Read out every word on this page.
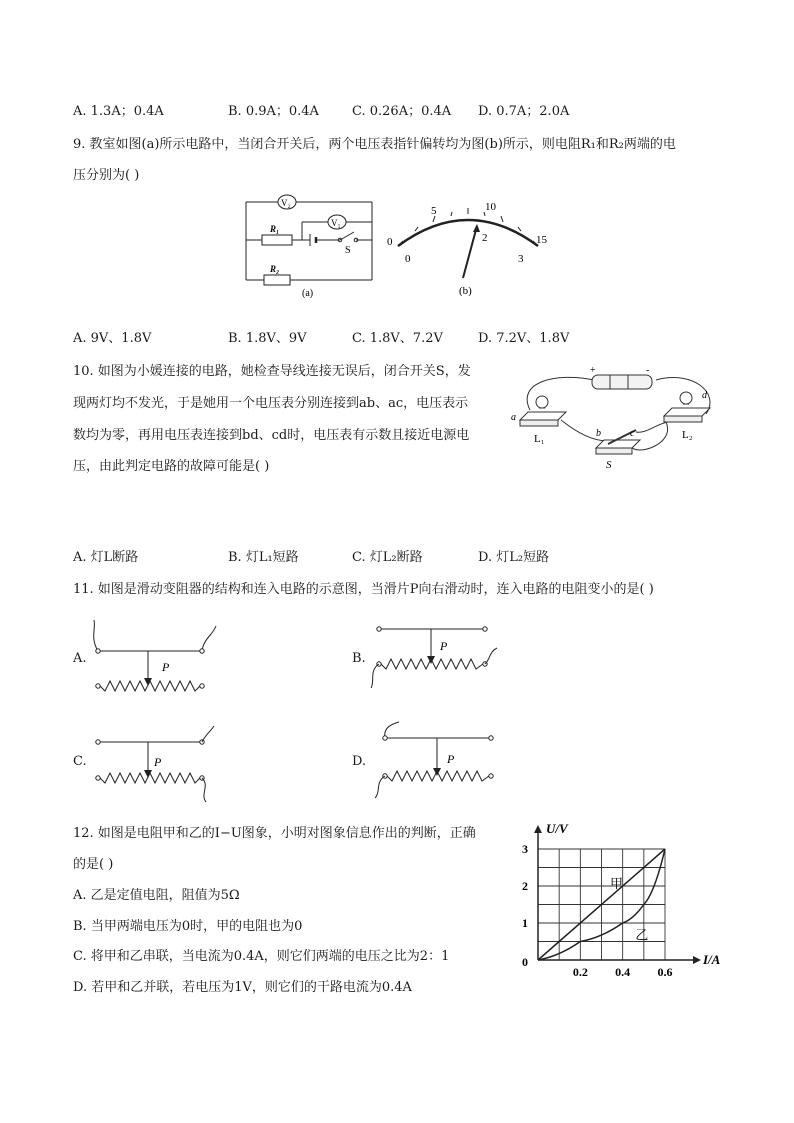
A. 1.3A；0.4A	B. 0.9A；0.4A	C. 0.26A；0.4A D. 0.7A；2.0A
9. 教室如图(a)所示电路中，当闭合开关后，两个电压表指针偏转均为图(b)所示，则电阻R₁和R₂两端的电
压分别为( )
V₂
V₁
R₁
R₂
S
(a)
0
5	10
15
0
2
3
(b)
A. 9V、1.8V	B. 1.8V、9V	C. 1.8V、7.2V	D. 7.2V、1.8V
10. 如图为小媛连接的电路，她检查导线连接无误后，闭合开关S，发
现两灯均不发光，于是她用一个电压表分别连接到ab、ac，电压表示
数均为零，再用电压表连接到bd、cd时，电压表有示数且接近电源电
压，由此判定电路的故障可能是( )
+	-
a
b	c
d
L₁	L₂
S
A. 灯L断路	B. 灯L₁短路	C. 灯L₂断路	D. 灯L₂短路
11. 如图是滑动变阻器的结构和连入电路的示意图，当滑片P向右滑动时，连入电路的电阻变小的是( )
A.	B.
C.	D.
P
P
P	P
12. 如图是电阻甲和乙的I−U图象，小明对图象信息作出的判断，正确
的是( )
A. 乙是定值电阻，阻值为5Ω
B. 当甲两端电压为0时，甲的电阻也为0
C. 将甲和乙串联，当电流为0.4A，则它们两端的电压之比为2：1
D. 若甲和乙并联，若电压为1V，则它们的干路电流为0.4A
U/V
I/A
0
0.2 0.4 0.6
1
2
3
甲
乙
